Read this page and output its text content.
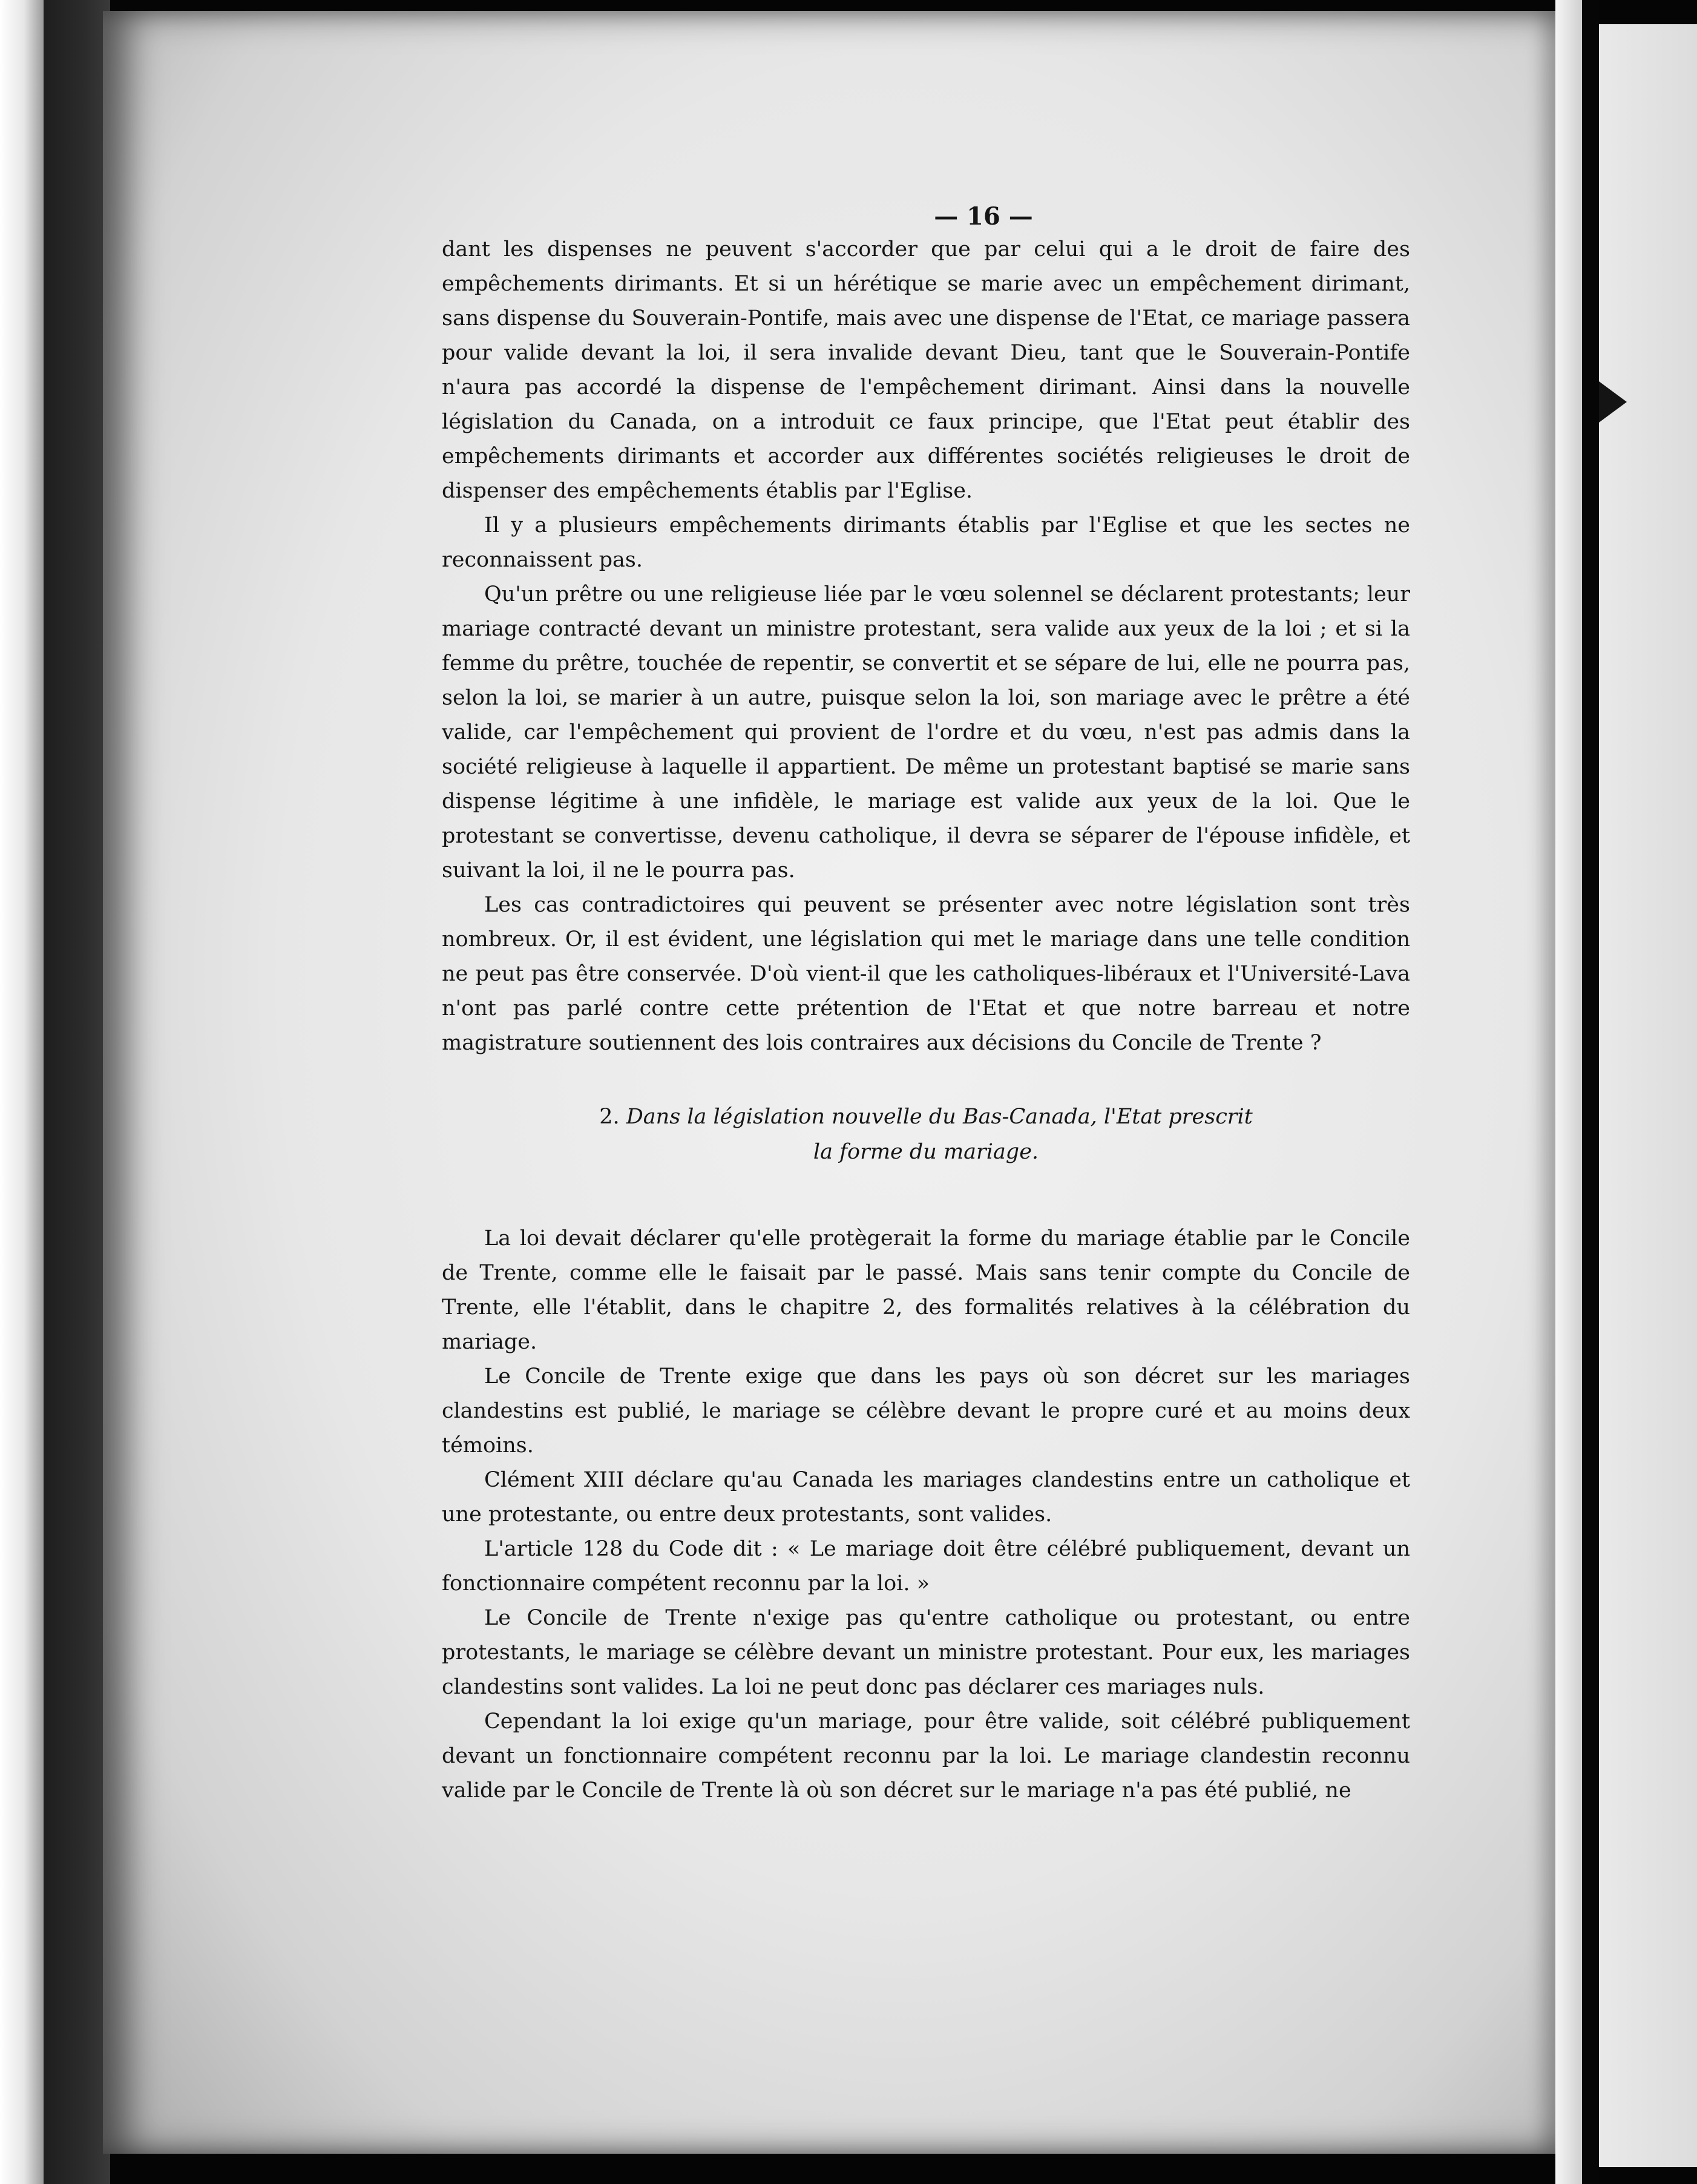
— 16 —

dant les dispenses ne peuvent s'accorder que par celui qui a le droit de faire des empêchements dirimants. Et si un hérétique se marie avec un empêchement dirimant, sans dispense du Souverain-Pontife, mais avec une dispense de l'Etat, ce mariage passera pour valide devant la loi, il sera invalide devant Dieu, tant que le Souverain-Pontife n'aura pas accordé la dispense de l'empêchement dirimant. Ainsi dans la nouvelle législation du Canada, on a introduit ce faux principe, que l'Etat peut établir des empêchements dirimants et accorder aux différentes sociétés religieuses le droit de dispenser des empêchements établis par l'Eglise.

Il y a plusieurs empêchements dirimants établis par l'Eglise et que les sectes ne reconnaissent pas.

Qu'un prêtre ou une religieuse liée par le vœu solennel se déclarent protestants; leur mariage contracté devant un ministre protestant, sera valide aux yeux de la loi ; et si la femme du prêtre, touchée de repentir, se convertit et se sépare de lui, elle ne pourra pas, selon la loi, se marier à un autre, puisque selon la loi, son mariage avec le prêtre a été valide, car l'empêchement qui provient de l'ordre et du vœu, n'est pas admis dans la société religieuse à laquelle il appartient. De même un protestant baptisé se marie sans dispense légitime à une infidèle, le mariage est valide aux yeux de la loi. Que le protestant se convertisse, devenu catholique, il devra se séparer de l'épouse infidèle, et suivant la loi, il ne le pourra pas.

Les cas contradictoires qui peuvent se présenter avec notre législation sont très nombreux. Or, il est évident, une législation qui met le mariage dans une telle condition ne peut pas être conservée. D'où vient-il que les catholiques-libéraux et l'Université-Lava n'ont pas parlé contre cette prétention de l'Etat et que notre barreau et notre magistrature soutiennent des lois contraires aux décisions du Concile de Trente ?

2. Dans la législation nouvelle du Bas-Canada, l'Etat prescrit
la forme du mariage.

La loi devait déclarer qu'elle protègerait la forme du mariage établie par le Concile de Trente, comme elle le faisait par le passé. Mais sans tenir compte du Concile de Trente, elle l'établit, dans le chapitre 2, des formalités relatives à la célébration du mariage.

Le Concile de Trente exige que dans les pays où son décret sur les mariages clandestins est publié, le mariage se célèbre devant le propre curé et au moins deux témoins.

Clément XIII déclare qu'au Canada les mariages clandestins entre un catholique et une protestante, ou entre deux protestants, sont valides.

L'article 128 du Code dit : « Le mariage doit être célébré publiquement, devant un fonctionnaire compétent reconnu par la loi. »

Le Concile de Trente n'exige pas qu'entre catholique ou protestant, ou entre protestants, le mariage se célèbre devant un ministre protestant. Pour eux, les mariages clandestins sont valides. La loi ne peut donc pas déclarer ces mariages nuls.

Cependant la loi exige qu'un mariage, pour être valide, soit célébré publiquement devant un fonctionnaire compétent reconnu par la loi. Le mariage clandestin reconnu valide par le Concile de Trente là où son décret sur le mariage n'a pas été publié, ne
